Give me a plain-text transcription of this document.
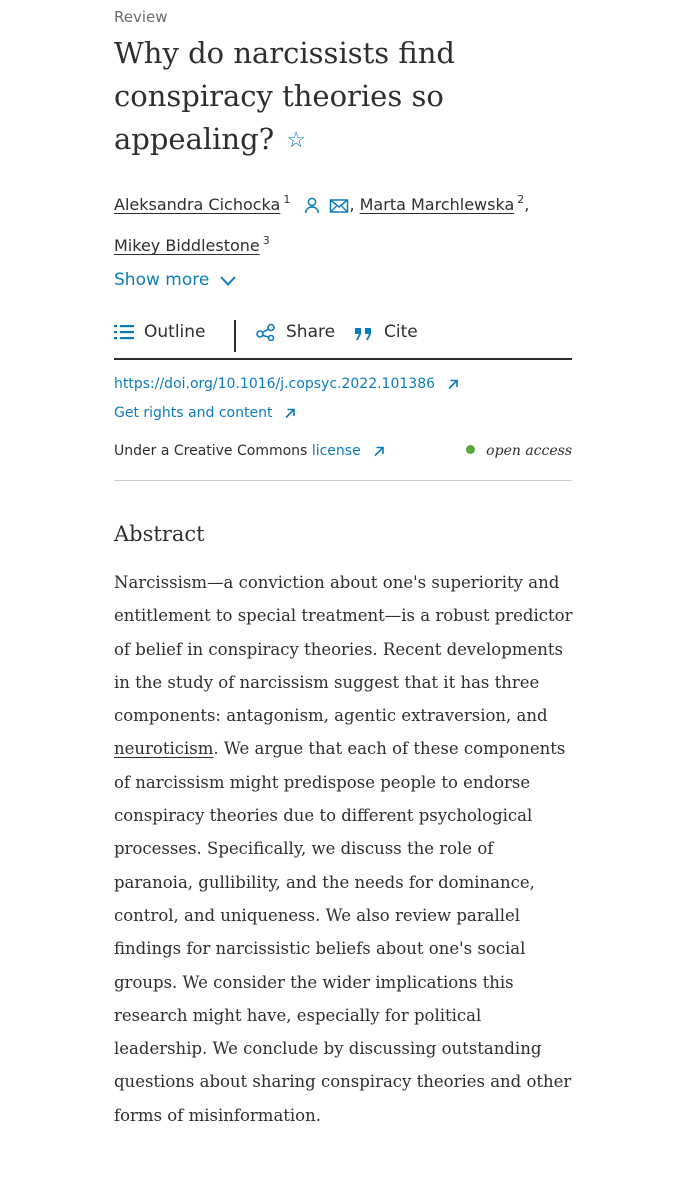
Review
Why do narcissists find conspiracy theories so appealing? ☆
Aleksandra Cichocka $^1$	, Marta Marchlewska $^2$,
Mikey Biddlestone $^3$
Show more
Outline	Share	Cite
https://doi.org/10.1016/j.copsyc.2022.101386
Get rights and content
Under a Creative Commons license	open access
Abstract

Narcissism—a conviction about one's superiority and entitlement to special treatment—is a robust predictor of belief in conspiracy theories. Recent developments in the study of narcissism suggest that it has three components: antagonism, agentic extraversion, and neuroticism. We argue that each of these components of narcissism might predispose people to endorse conspiracy theories due to different psychological processes. Specifically, we discuss the role of paranoia, gullibility, and the needs for dominance, control, and uniqueness. We also review parallel findings for narcissistic beliefs about one's social groups. We consider the wider implications this research might have, especially for political leadership. We conclude by discussing outstanding questions about sharing conspiracy theories and other forms of misinformation.
